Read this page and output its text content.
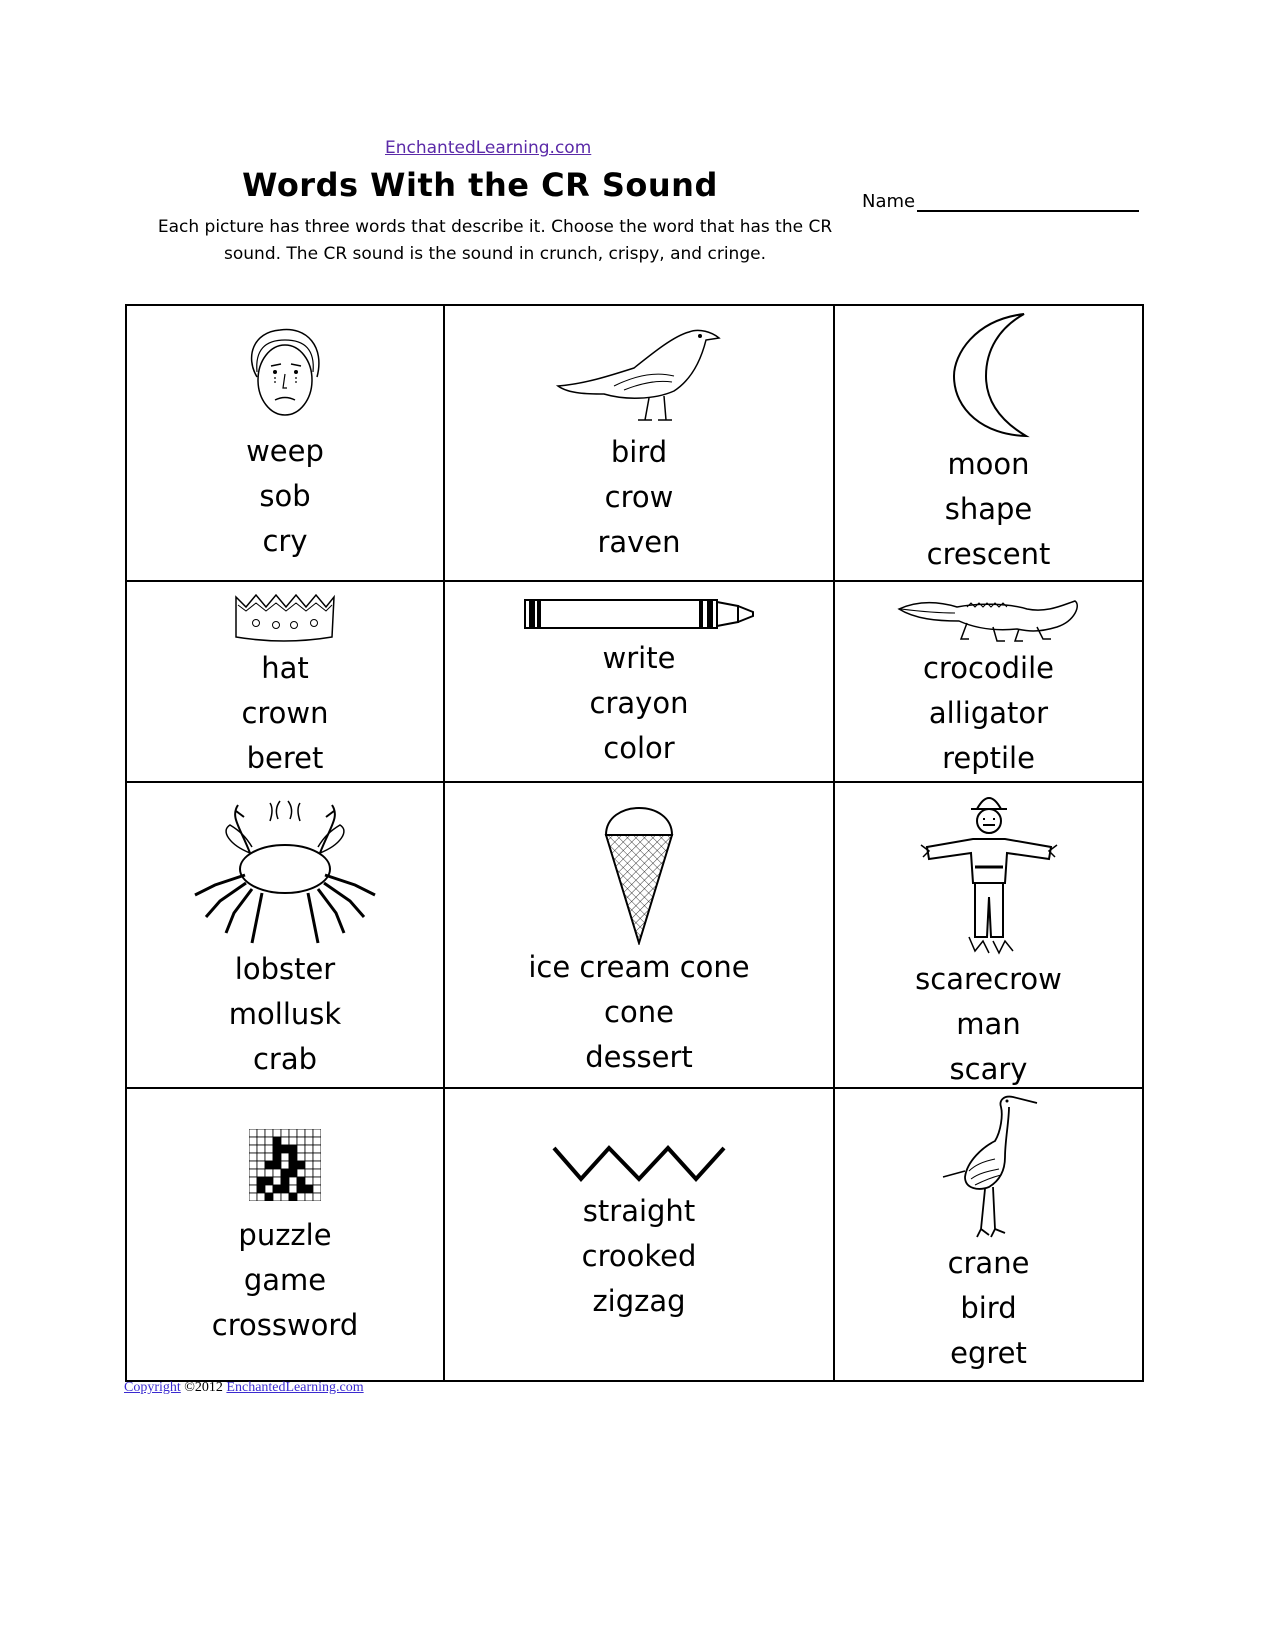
EnchantedLearning.com
Words With the CR Sound
Each picture has three words that describe it. Choose the word that has the CR sound. The CR sound is the sound in crunch, crispy, and cringe.
Name
weep
sob
cry
bird
crow
raven
moon
shape
crescent
hat
crown
beret
write
crayon
color
crocodile
alligator
reptile
lobster
mollusk
crab
ice cream cone
cone
dessert
scarecrow
man
scary
puzzle
game
crossword
straight
crooked
zigzag
crane
bird
egret
Copyright ©2012 EnchantedLearning.com
